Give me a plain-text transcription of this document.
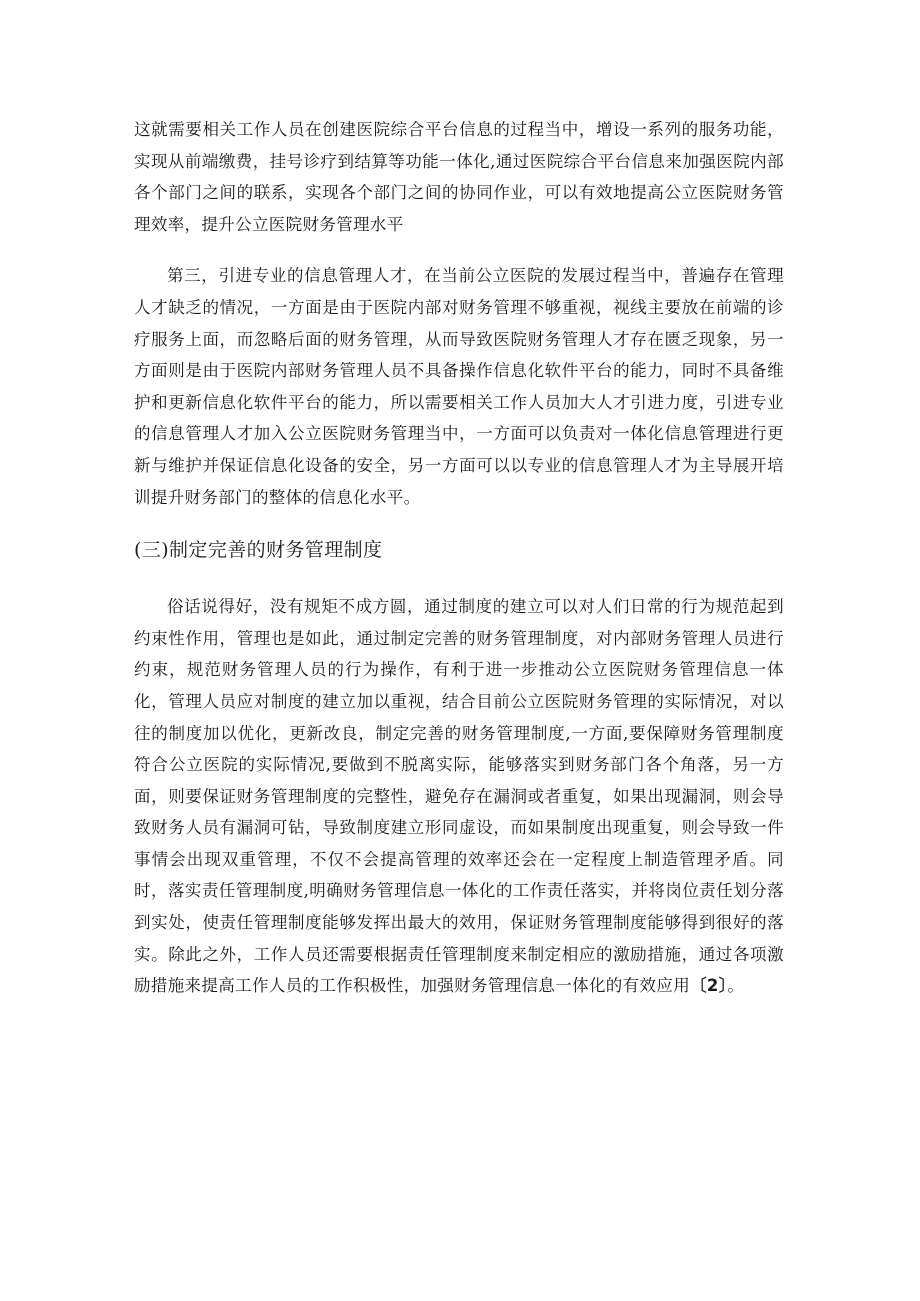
这就需要相关工作人员在创建医院综合平台信息的过程当中，增设一系列的服务功能，实现从前端缴费，挂号诊疗到结算等功能一体化,通过医院综合平台信息来加强医院内部各个部门之间的联系，实现各个部门之间的协同作业，可以有效地提高公立医院财务管理效率，提升公立医院财务管理水平

第三，引进专业的信息管理人才，在当前公立医院的发展过程当中，普遍存在管理人才缺乏的情况，一方面是由于医院内部对财务管理不够重视，视线主要放在前端的诊疗服务上面，而忽略后面的财务管理，从而导致医院财务管理人才存在匮乏现象，另一方面则是由于医院内部财务管理人员不具备操作信息化软件平台的能力，同时不具备维护和更新信息化软件平台的能力，所以需要相关工作人员加大人才引进力度，引进专业的信息管理人才加入公立医院财务管理当中，一方面可以负责对一体化信息管理进行更新与维护并保证信息化设备的安全，另一方面可以以专业的信息管理人才为主导展开培训提升财务部门的整体的信息化水平。

(三)制定完善的财务管理制度

俗话说得好，没有规矩不成方圆，通过制度的建立可以对人们日常的行为规范起到约束性作用，管理也是如此，通过制定完善的财务管理制度，对内部财务管理人员进行约束，规范财务管理人员的行为操作，有利于进一步推动公立医院财务管理信息一体化，管理人员应对制度的建立加以重视，结合目前公立医院财务管理的实际情况，对以往的制度加以优化，更新改良，制定完善的财务管理制度,一方面,要保障财务管理制度符合公立医院的实际情况,要做到不脱离实际，能够落实到财务部门各个角落，另一方面，则要保证财务管理制度的完整性，避免存在漏洞或者重复，如果出现漏洞，则会导致财务人员有漏洞可钻，导致制度建立形同虚设，而如果制度出现重复，则会导致一件事情会出现双重管理，不仅不会提高管理的效率还会在一定程度上制造管理矛盾。同时，落实责任管理制度,明确财务管理信息一体化的工作责任落实，并将岗位责任划分落到实处，使责任管理制度能够发挥出最大的效用，保证财务管理制度能够得到很好的落实。除此之外，工作人员还需要根据责任管理制度来制定相应的激励措施，通过各项激励措施来提高工作人员的工作积极性，加强财务管理信息一体化的有效应用〔2〕。
